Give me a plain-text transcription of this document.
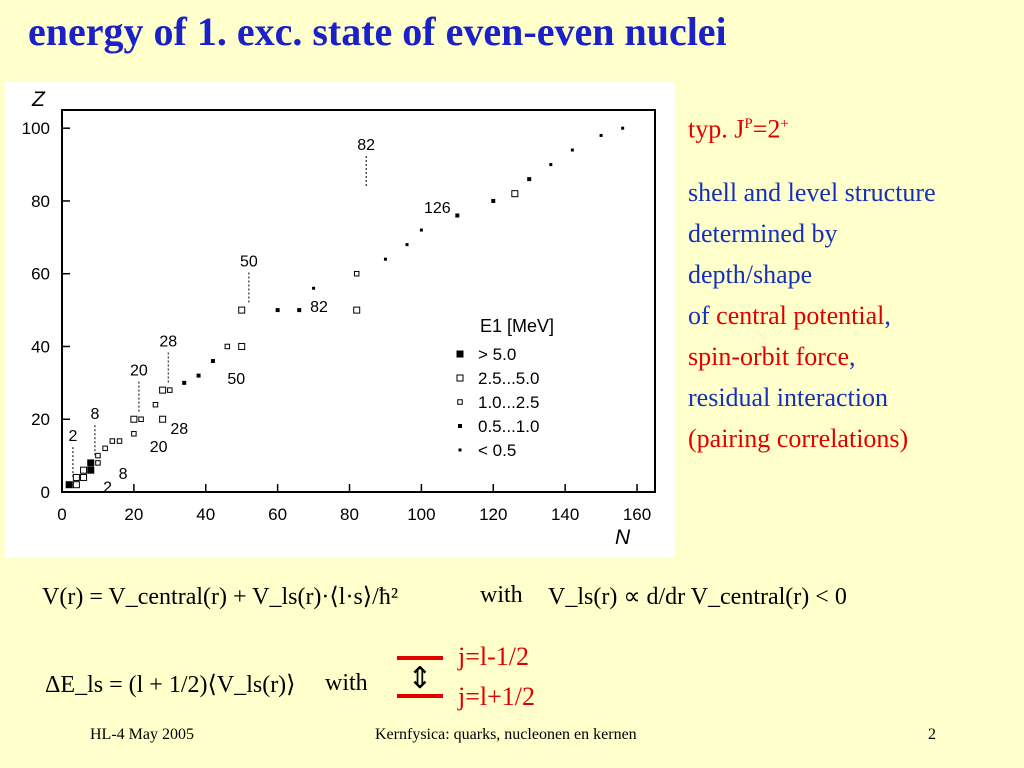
energy of 1. exc. state of even-even nuclei
0	20	40	60	80	100	120	140	160
0
20
40
60
80
100
N
Z
E1 [MeV]
> 5.0
2.5...5.0
1.0...2.5
0.5...1.0
< 0.5
2
8
20
28
50
82
126
2
8
20
28
50
82
typ. $J^P=2^+$
shell and level structure
determined by
depth/shape
of central potential,
spin-orbit force,
residual interaction
(pairing correlations)
V(r) = V_central(r) + V_ls(r)·⟨l·s⟩/ħ²	with V_ls(r) ∝ d/dr V_central(r) < 0
ΔE_ls = (l + 1/2)⟨V_ls(r)⟩ with ⇕
j=l-1/2
j=l+1/2
HL-4 May 2005	Kernfysica: quarks, nucleonen en kernen	2
